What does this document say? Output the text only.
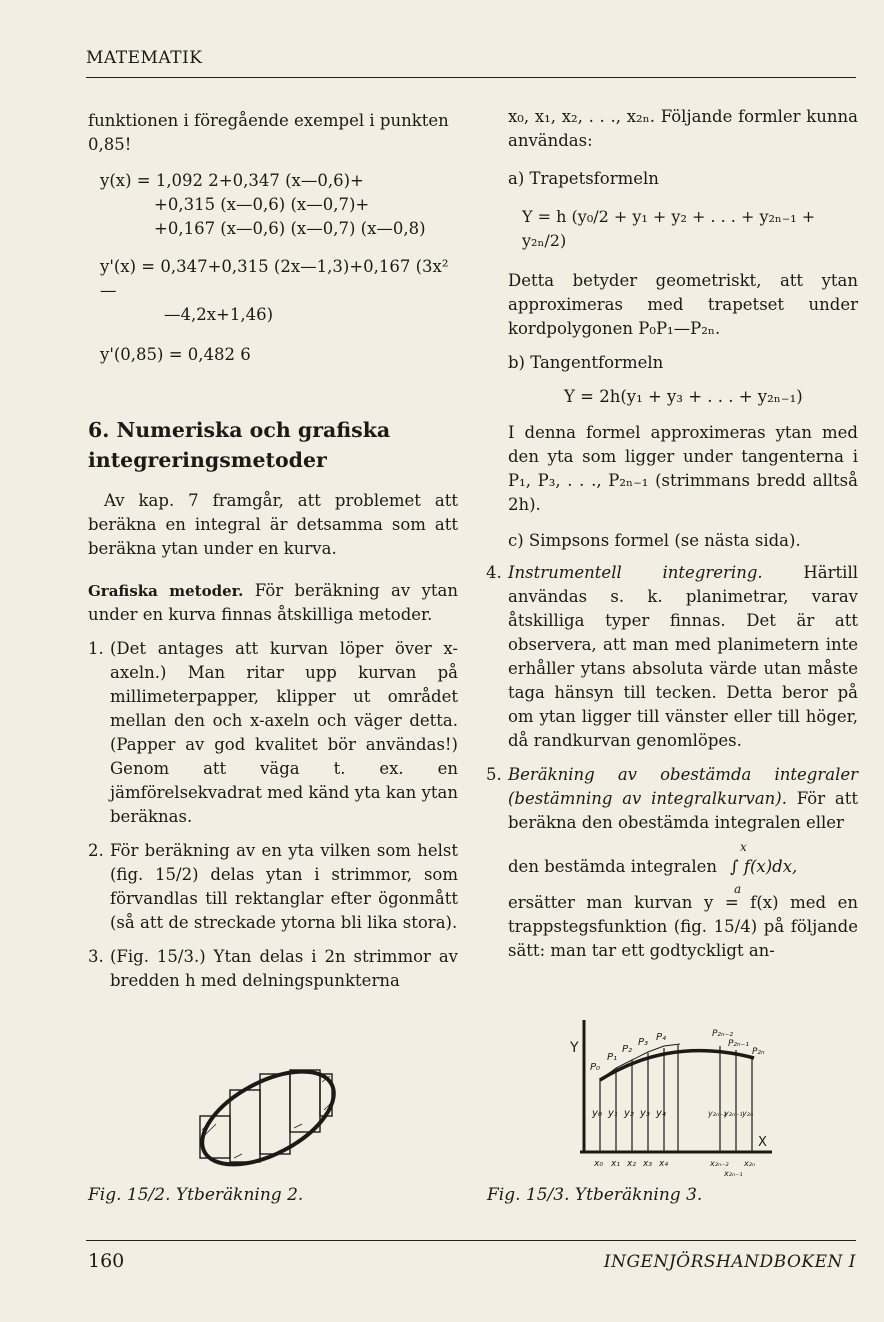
MATEMATIK

funktionen i föregående exempel i punkten 0,85!

y(x) = 1,092 2+0,347 (x—0,6)+

+0,315 (x—0,6) (x—0,7)+

+0,167 (x—0,6) (x—0,7) (x—0,8)

y'(x) = 0,347+0,315 (2x—1,3)+0,167 (3x²—

—4,2x+1,46)

y'(0,85) = 0,482 6

6. Numeriska och grafiska integreringsmetoder

Av kap. 7 framgår, att problemet att beräkna en integral är detsamma som att beräkna ytan under en kurva.

Grafiska metoder. För beräkning av ytan under en kurva finnas åtskilliga metoder.

1. (Det antages att kurvan löper över x-axeln.) Man ritar upp kurvan på millimeterpapper, klipper ut området mellan den och x-axeln och väger detta. (Papper av god kvalitet bör användas!) Genom att väga t. ex. en jämförelsekvadrat med känd yta kan ytan beräknas.
2. För beräkning av en yta vilken som helst (fig. 15/2) delas ytan i strimmor, som förvandlas till rektanglar efter ögonmått (så att de streckade ytorna bli lika stora).
3. (Fig. 15/3.) Ytan delas i 2n strimmor av bredden h med delningspunkterna
Fig. 15/2. Ytberäkning 2.

x₀, x₁, x₂, . . ., x₂ₙ. Följande formler kunna användas:

a) Trapetsformeln

Y = h (y₀/2 + y₁ + y₂ + . . . + y₂ₙ₋₁ + y₂ₙ/2)

Detta betyder geometriskt, att ytan approximeras med trapetset under kordpolygonen P₀P₁—P₂ₙ.

b) Tangentformeln

Y = 2h(y₁ + y₃ + . . . + y₂ₙ₋₁)

I denna formel approximeras ytan med den yta som ligger under tangenterna i P₁, P₃, . . ., P₂ₙ₋₁ (strimmans bredd alltså 2h).

c) Simpsons formel (se nästa sida).

4. Instrumentell integrering. Härtill användas s. k. planimetrar, varav åtskilliga typer finnas. Det är att observera, att man med planimetern inte erhåller ytans absoluta värde utan måste taga hänsyn till tecken. Detta beror på om ytan ligger till vänster eller till höger, då randkurvan genomlöpes.
5. Beräkning av obestämda integraler (bestämning av integralkurvan). För att beräkna den obestämda integralen eller
den bestämda integralen
x
∫ f(x)dx,
a
ersätter man kurvan y = f(x) med en trappstegsfunktion (fig. 15/4) på följande sätt: man tar ett godtyckligt an-
Y
X
P₀
P₁
P₂
P₃ P₄	P₂ₙ₋₂
P₂ₙ₋₁
P₂ₙ
y₀ y₁ y₂ y₃ y₄	y₂ₙ₋₂
y₂ₙ₋₁ y₂ₙ
x₀ x₁ x₂ x₃ x₄	x₂ₙ₋₂
x₂ₙ₋₁
x₂ₙ
Fig. 15/3. Ytberäkning 3.
160	INGENJÖRSHANDBOKEN I
